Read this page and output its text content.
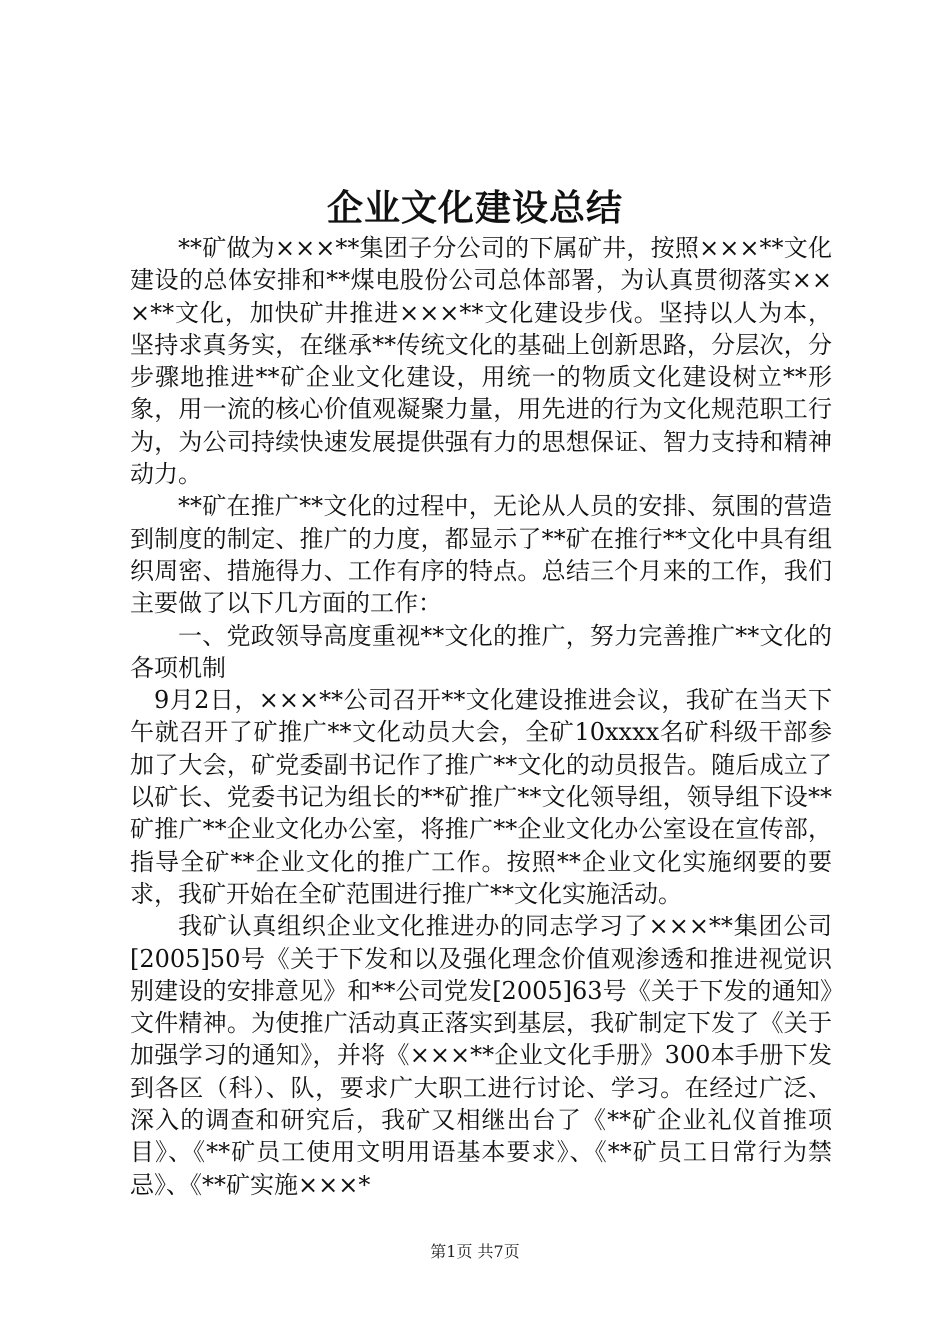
企业文化建设总结

**矿做为×××**集团子分公司的下属矿井，按照×××**文化建设的总体安排和**煤电股份公司总体部署，为认真贯彻落实×××**文化，加快矿井推进×××**文化建设步伐。坚持以人为本，坚持求真务实，在继承**传统文化的基础上创新思路，分层次，分步骤地推进**矿企业文化建设，用统一的物质文化建设树立**形象，用一流的核心价值观凝聚力量，用先进的行为文化规范职工行为，为公司持续快速发展提供强有力的思想保证、智力支持和精神动力。

**矿在推广**文化的过程中，无论从人员的安排、氛围的营造到制度的制定、推广的力度，都显示了**矿在推行**文化中具有组织周密、措施得力、工作有序的特点。总结三个月来的工作，我们主要做了以下几方面的工作：

一、党政领导高度重视**文化的推广，努力完善推广**文化的各项机制

9月2日，×××**公司召开**文化建设推进会议，我矿在当天下午就召开了矿推广**文化动员大会，全矿10xxxx名矿科级干部参加了大会，矿党委副书记作了推广**文化的动员报告。随后成立了以矿长、党委书记为组长的**矿推广**文化领导组，领导组下设**矿推广**企业文化办公室，将推广**企业文化办公室设在宣传部，指导全矿**企业文化的推广工作。按照**企业文化实施纲要的要求，我矿开始在全矿范围进行推广**文化实施活动。

我矿认真组织企业文化推进办的同志学习了×××**集团公司[2005]50号《关于下发和以及强化理念价值观渗透和推进视觉识别建设的安排意见》和**公司党发[2005]63号《关于下发的通知》文件精神。为使推广活动真正落实到基层，我矿制定下发了《关于加强学习的通知》，并将《×××**企业文化手册》300本手册下发到各区（科）、队，要求广大职工进行讨论、学习。在经过广泛、深入的调查和研究后，我矿又相继出台了《**矿企业礼仪首推项目》、《**矿员工使用文明用语基本要求》、《**矿员工日常行为禁忌》、《**矿实施×××*

第1页 共7页
